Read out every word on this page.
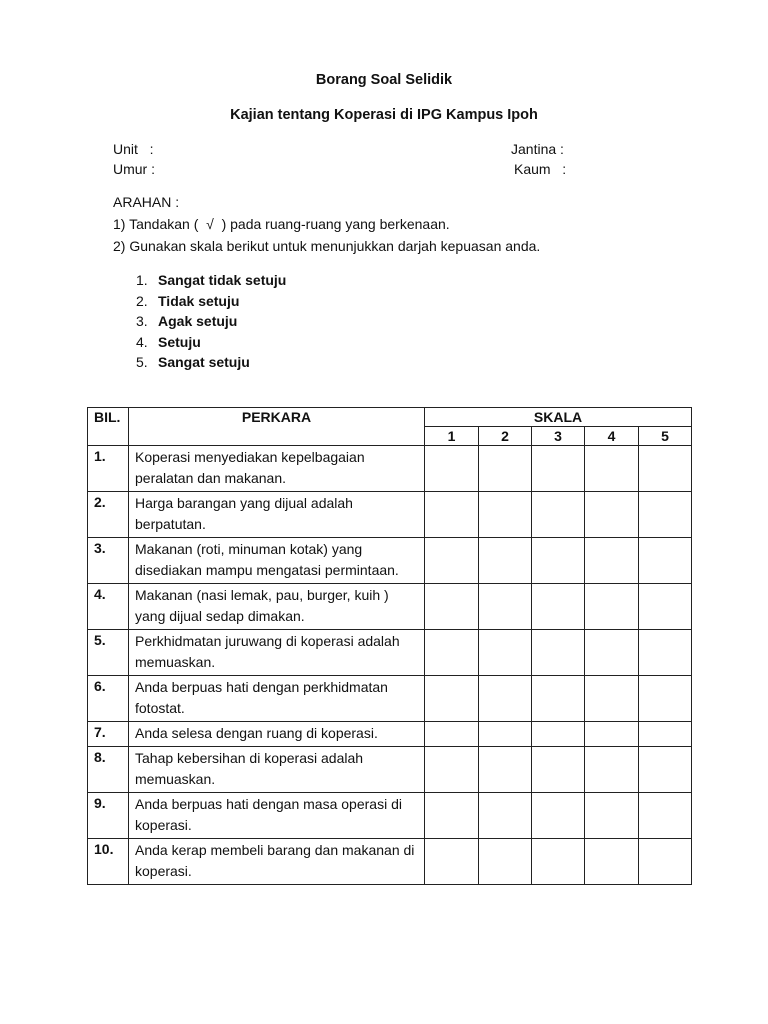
Borang Soal Selidik
Kajian tentang Koperasi di IPG Kampus Ipoh
Unit   :
Umur :
Jantina :
Kaum   :
ARAHAN :
1) Tandakan (  √  ) pada ruang-ruang yang berkenaan.
2) Gunakan skala berikut untuk menunjukkan darjah kepuasan anda.
1. Sangat tidak setuju
2. Tidak setuju
3. Agak setuju
4. Setuju
5. Sangat setuju
BIL.	PERKARA	SKALA				
		1	2	3	4	5
1.	Koperasi menyediakan kepelbagaian peralatan dan makanan.					
2.	Harga barangan yang dijual adalah berpatutan.					
3.	Makanan (roti, minuman kotak) yang disediakan mampu mengatasi permintaan.					
4.	Makanan (nasi lemak, pau, burger, kuih ) yang dijual sedap dimakan.					
5.	Perkhidmatan juruwang di koperasi adalah memuaskan.					
6.	Anda berpuas hati dengan perkhidmatan fotostat.					
7.	Anda selesa dengan ruang di koperasi.					
8.	Tahap kebersihan di koperasi adalah memuaskan.					
9.	Anda berpuas hati dengan masa operasi di koperasi.					
10.	Anda kerap membeli barang dan makanan di koperasi.					
